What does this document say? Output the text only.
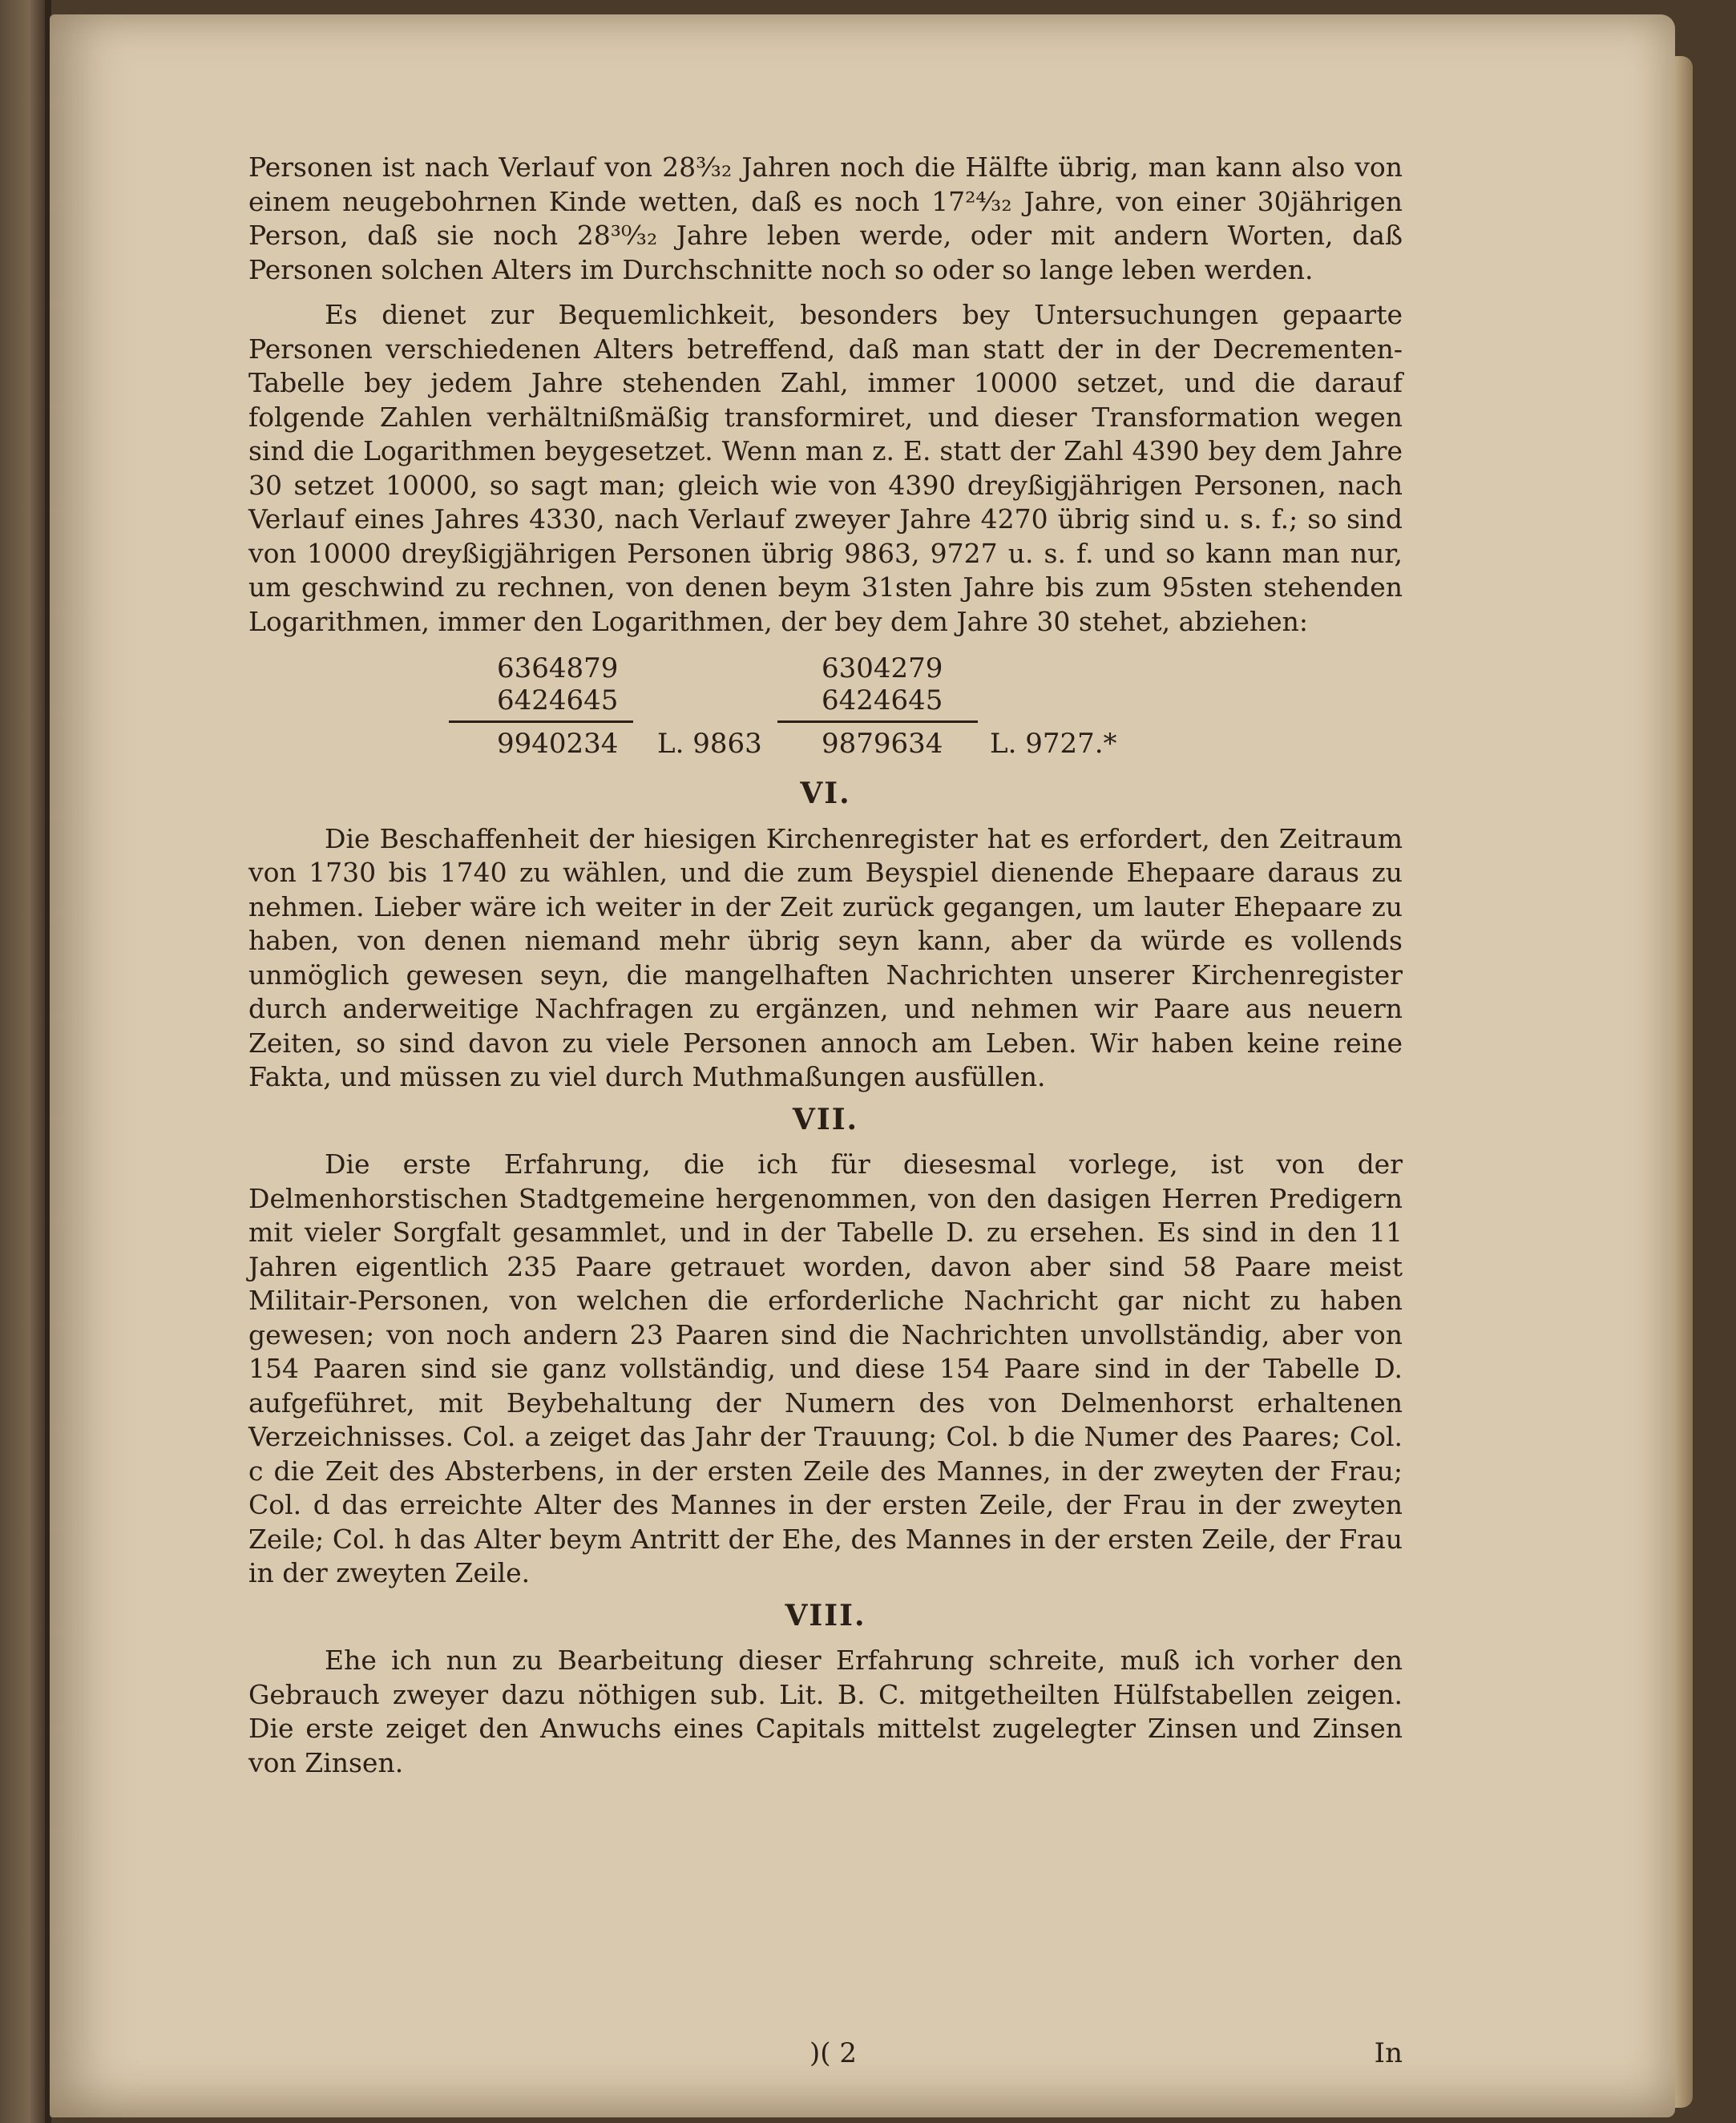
Personen ist nach Verlauf von 28³⁄₃₂ Jahren noch die Hälfte übrig, man kann also von einem neugebohrnen Kinde wetten, daß es noch 17²⁴⁄₃₂ Jahre, von einer 30jährigen Person, daß sie noch 28³⁰⁄₃₂ Jahre leben werde, oder mit andern Worten, daß Personen solchen Alters im Durchschnitte noch so oder so lange leben werden.

Es dienet zur Bequemlichkeit, besonders bey Untersuchungen gepaarte Personen verschiedenen Alters betreffend, daß man statt der in der Decrementen-Tabelle bey jedem Jahre stehenden Zahl, immer 10000 setzet, und die darauf folgende Zahlen verhältnißmäßig transformiret, und dieser Transformation wegen sind die Logarithmen beygesetzet. Wenn man z. E. statt der Zahl 4390 bey dem Jahre 30 setzet 10000, so sagt man; gleich wie von 4390 dreyßigjährigen Personen, nach Verlauf eines Jahres 4330, nach Verlauf zweyer Jahre 4270 übrig sind u. s. f.; so sind von 10000 dreyßigjährigen Personen übrig 9863, 9727 u. s. f. und so kann man nur, um geschwind zu rechnen, von denen beym 31sten Jahre bis zum 95sten stehenden Logarithmen, immer den Logarithmen, der bey dem Jahre 30 stehet, abziehen:

6364879
6424645
9940234 L. 9863
6304279
6424645
9879634 L. 9727.*
VI.

Die Beschaffenheit der hiesigen Kirchenregister hat es erfordert, den Zeitraum von 1730 bis 1740 zu wählen, und die zum Beyspiel dienende Ehepaare daraus zu nehmen. Lieber wäre ich weiter in der Zeit zurück gegangen, um lauter Ehepaare zu haben, von denen niemand mehr übrig seyn kann, aber da würde es vollends unmöglich gewesen seyn, die mangelhaften Nachrichten unserer Kirchenregister durch anderweitige Nachfragen zu ergänzen, und nehmen wir Paare aus neuern Zeiten, so sind davon zu viele Personen annoch am Leben. Wir haben keine reine Fakta, und müssen zu viel durch Muthmaßungen ausfüllen.

VII.

Die erste Erfahrung, die ich für diesesmal vorlege, ist von der Delmenhorstischen Stadtgemeine hergenommen, von den dasigen Herren Predigern mit vieler Sorgfalt gesammlet, und in der Tabelle D. zu ersehen. Es sind in den 11 Jahren eigentlich 235 Paare getrauet worden, davon aber sind 58 Paare meist Militair-Personen, von welchen die erforderliche Nachricht gar nicht zu haben gewesen; von noch andern 23 Paaren sind die Nachrichten unvollständig, aber von 154 Paaren sind sie ganz vollständig, und diese 154 Paare sind in der Tabelle D. aufgeführet, mit Beybehaltung der Numern des von Delmenhorst erhaltenen Verzeichnisses. Col. a zeiget das Jahr der Trauung; Col. b die Numer des Paares; Col. c die Zeit des Absterbens, in der ersten Zeile des Mannes, in der zweyten der Frau; Col. d das erreichte Alter des Mannes in der ersten Zeile, der Frau in der zweyten Zeile; Col. h das Alter beym Antritt der Ehe, des Mannes in der ersten Zeile, der Frau in der zweyten Zeile.

VIII.

Ehe ich nun zu Bearbeitung dieser Erfahrung schreite, muß ich vorher den Gebrauch zweyer dazu nöthigen sub. Lit. B. C. mitgetheilten Hülfstabellen zeigen. Die erste zeiget den Anwuchs eines Capitals mittelst zugelegter Zinsen und Zinsen von Zinsen.

)( 2	In
